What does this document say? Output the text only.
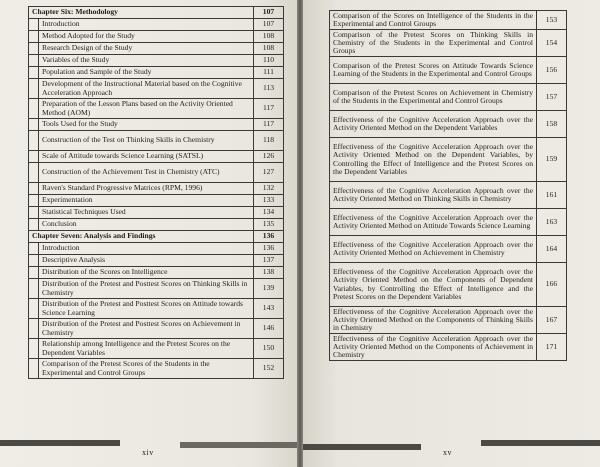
Chapter Six: Methodology		107
	Introduction	107
	Method Adopted for the Study	108
	Research Design of the Study	108
	Variables of the Study	110
	Population and Sample of the Study	111
	Development of the Instructional Material based on the Cognitive Acceleration Approach	113
	Preparation of the Lesson Plans based on the Activity Oriented Method (AOM)	117
	Tools Used for the Study	117
	Construction of the Test on Thinking Skills in Chemistry	118
	Scale of Attitude towards Science Learning (SATSL)	126
	Construction of the Achievement Test in Chemistry (ATC)	127
	Raven's Standard Progressive Matrices (RPM, 1996)	132
	Experimentation	133
	Statistical Techniques Used	134
	Conclusion	135
Chapter Seven: Analysis and Findings		136
	Introduction	136
	Descriptive Analysis	137
	Distribution of the Scores on Intelligence	138
	Distribution of the Pretest and Posttest Scores on Thinking Skills in Chemistry	139
	Distribution of the Pretest and Posttest Scores on Attitude towards Science Learning	143
	Distribution of the Pretest and Posttest Scores on Achievement in Chemistry	146
	Relationship among Intelligence and the Pretest Scores on the Dependent Variables	150
	Comparison of the Pretest Scores of the Students in the Experimental and Control Groups	152
xiv
Comparison of the Scores on Intelligence of the Students in the Experimental and Control Groups	153
Comparison of the Pretest Scores on Thinking Skills in Chemistry of the Students in the Experimental and Control Groups	154
Comparison of the Pretest Scores on Attitude Towards Science Learning of the Students in the Experimental and Control Groups	156
Comparison of the Pretest Scores on Achievement in Chemistry of the Students in the Experimental and Control Groups	157
Effectiveness of the Cognitive Acceleration Approach over the Activity Oriented Method on the Dependent Variables	158
Effectiveness of the Cognitive Acceleration Approach over the Activity Oriented Method on the Dependent Variables, by Controlling the Effect of Intelligence and the Pretest Scores on the Dependent Variables	159
Effectiveness of the Cognitive Acceleration Approach over the Activity Oriented Method on Thinking Skills in Chemistry	161
Effectiveness of the Cognitive Acceleration Approach over the Activity Oriented Method on Attitude Towards Science Learning	163
Effectiveness of the Cognitive Acceleration Approach over the Activity Oriented Method on Achievement in Chemistry	164
Effectiveness of the Cognitive Acceleration Approach over the Activity Oriented Method on the Components of Dependent Variables, by Controlling the Effect of Intelligence and the Pretest Scores on the Dependent Variables	166
Effectiveness of the Cognitive Acceleration Approach over the Activity Oriented Method on the Components of Thinking Skills in Chemistry	167
Effectiveness of the Cognitive Acceleration Approach over the Activity Oriented Method on the Components of Achievement in Chemistry	171
xv
